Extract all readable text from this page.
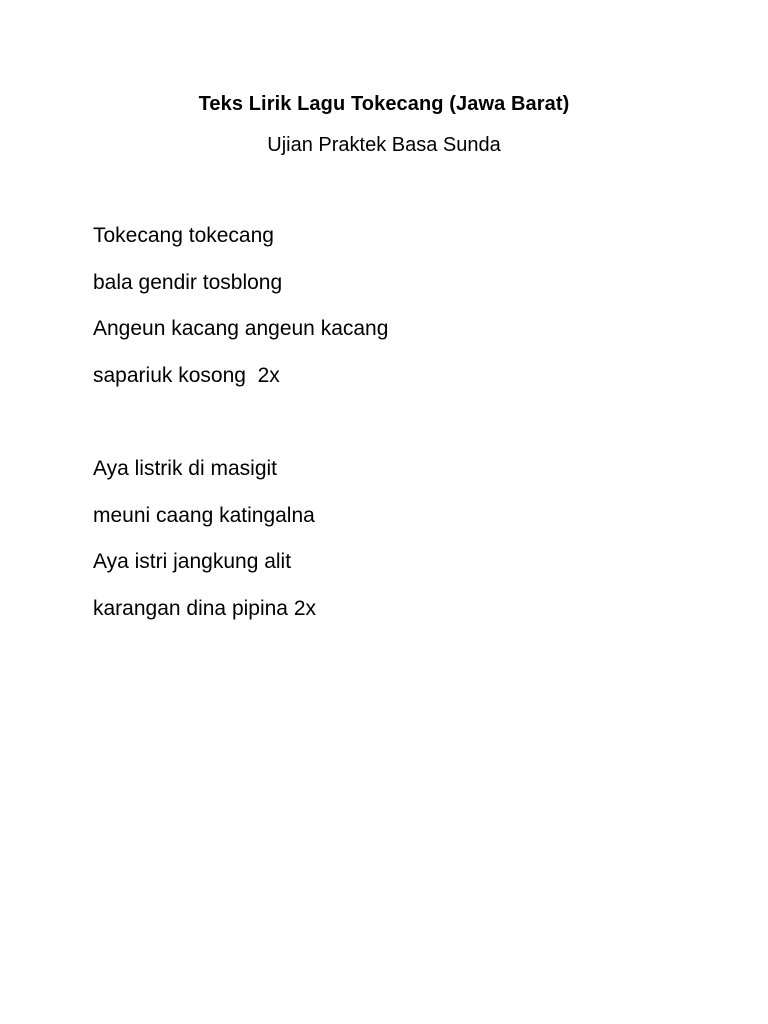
Teks Lirik Lagu Tokecang (Jawa Barat)
Ujian Praktek Basa Sunda
Tokecang tokecang
bala gendir tosblong
Angeun kacang angeun kacang
sapariuk kosong  2x
Aya listrik di masigit
meuni caang katingalna
Aya istri jangkung alit
karangan dina pipina 2x
